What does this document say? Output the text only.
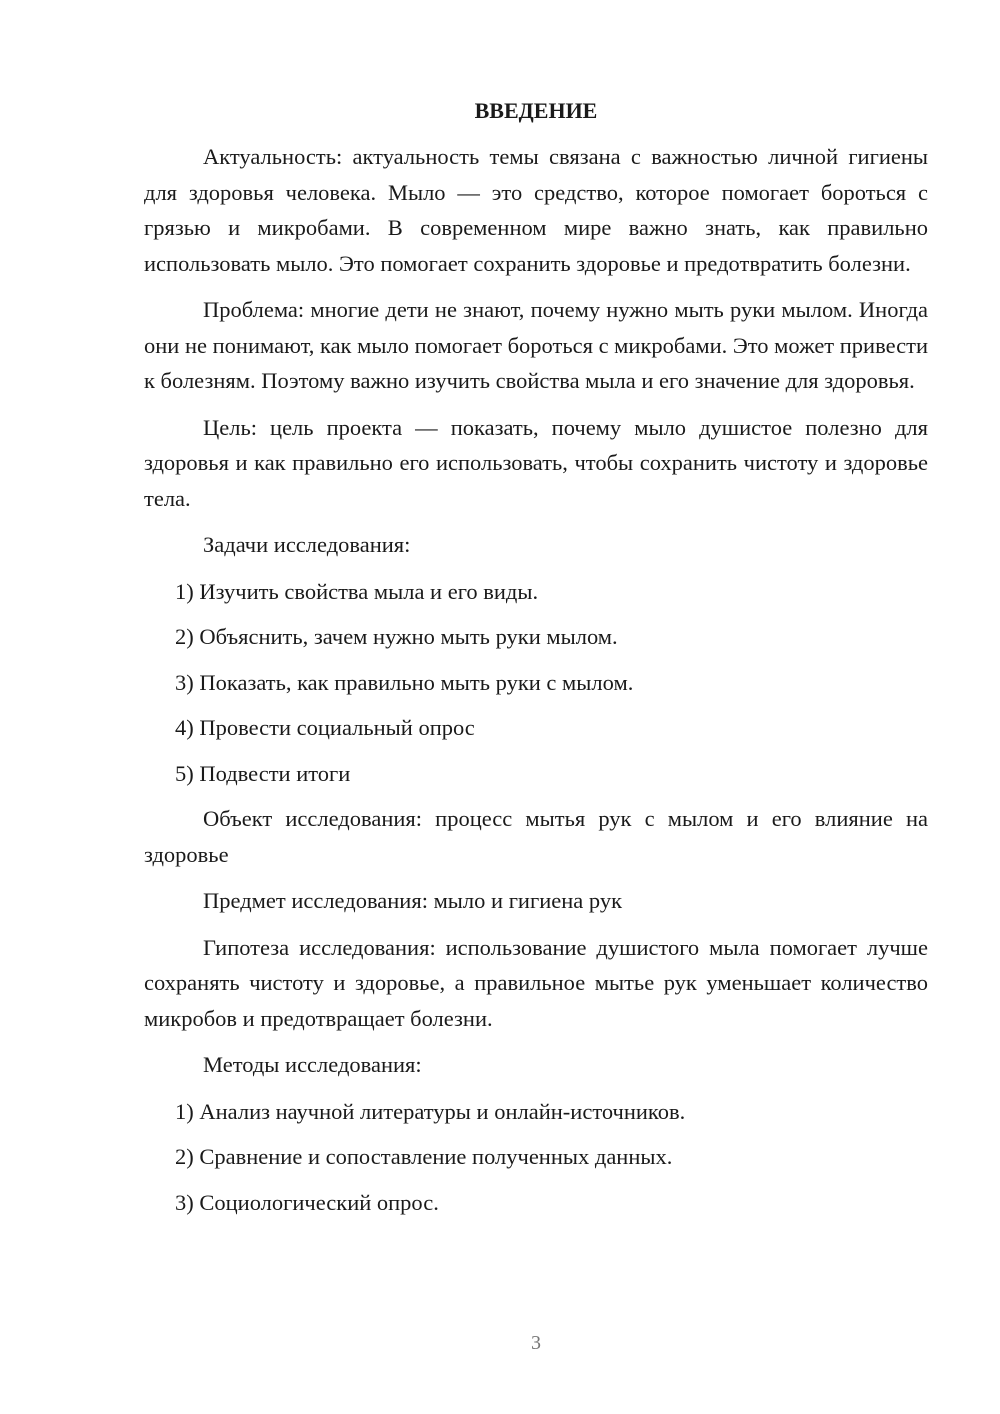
ВВЕДЕНИЕ

Актуальность: актуальность темы связана с важностью личной гигиены для здоровья человека. Мыло — это средство, которое помогает бороться с грязью и микробами. В современном мире важно знать, как правильно использовать мыло. Это помогает сохранить здоровье и предотвратить болезни.

Проблема: многие дети не знают, почему нужно мыть руки мылом. Иногда они не понимают, как мыло помогает бороться с микробами. Это может привести к болезням. Поэтому важно изучить свойства мыла и его значение для здоровья.

Цель: цель проекта — показать, почему мыло душистое полезно для здоровья и как правильно его использовать, чтобы сохранить чистоту и здоровье тела.

Задачи исследования:

1) Изучить свойства мыла и его виды.
2) Объяснить, зачем нужно мыть руки мылом.
3) Показать, как правильно мыть руки с мылом.
4) Провести социальный опрос
5) Подвести итоги

Объект исследования: процесс мытья рук с мылом и его влияние на здоровье

Предмет исследования: мыло и гигиена рук

Гипотеза исследования: использование душистого мыла помогает лучше сохранять чистоту и здоровье, а правильное мытье рук уменьшает количество микробов и предотвращает болезни.

Методы исследования:

1) Анализ научной литературы и онлайн-источников.
2) Сравнение и сопоставление полученных данных.
3) Социологический опрос.
3
